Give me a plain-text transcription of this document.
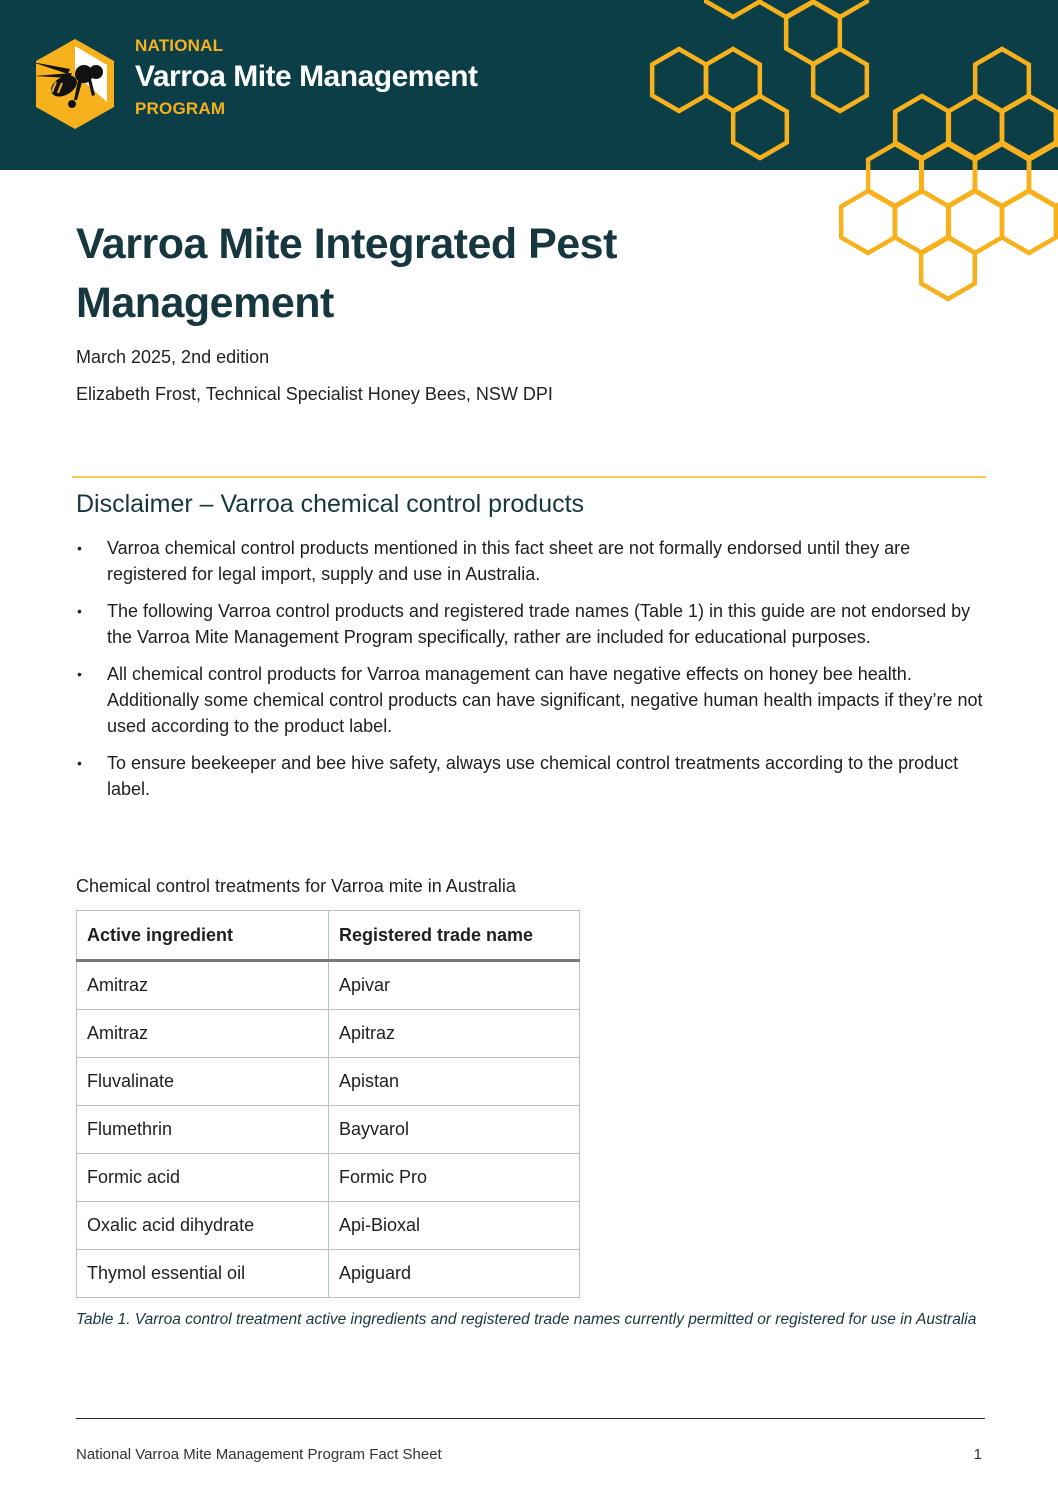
NATIONAL
Varroa Mite Management
PROGRAM
Varroa Mite Integrated Pest Management
March 2025, 2nd edition
Elizabeth Frost, Technical Specialist Honey Bees, NSW DPI
Disclaimer – Varroa chemical control products
• Varroa chemical control products mentioned in this fact sheet are not formally endorsed until they are registered for legal import, supply and use in Australia.
• The following Varroa control products and registered trade names (Table 1) in this guide are not endorsed by the Varroa Mite Management Program specifically, rather are included for educational purposes.
• All chemical control products for Varroa management can have negative effects on honey bee health. Additionally some chemical control products can have significant, negative human health impacts if they’re not used according to the product label.
• To ensure beekeeper and bee hive safety, always use chemical control treatments according to the product label.
Chemical control treatments for Varroa mite in Australia
Active ingredient	Registered trade name
Amitraz	Apivar
Amitraz	Apitraz
Fluvalinate	Apistan
Flumethrin	Bayvarol
Formic acid	Formic Pro
Oxalic acid dihydrate	Api-Bioxal
Thymol essential oil	Apiguard
Table 1. Varroa control treatment active ingredients and registered trade names currently permitted or registered for use in Australia
National Varroa Mite Management Program Fact Sheet	1
